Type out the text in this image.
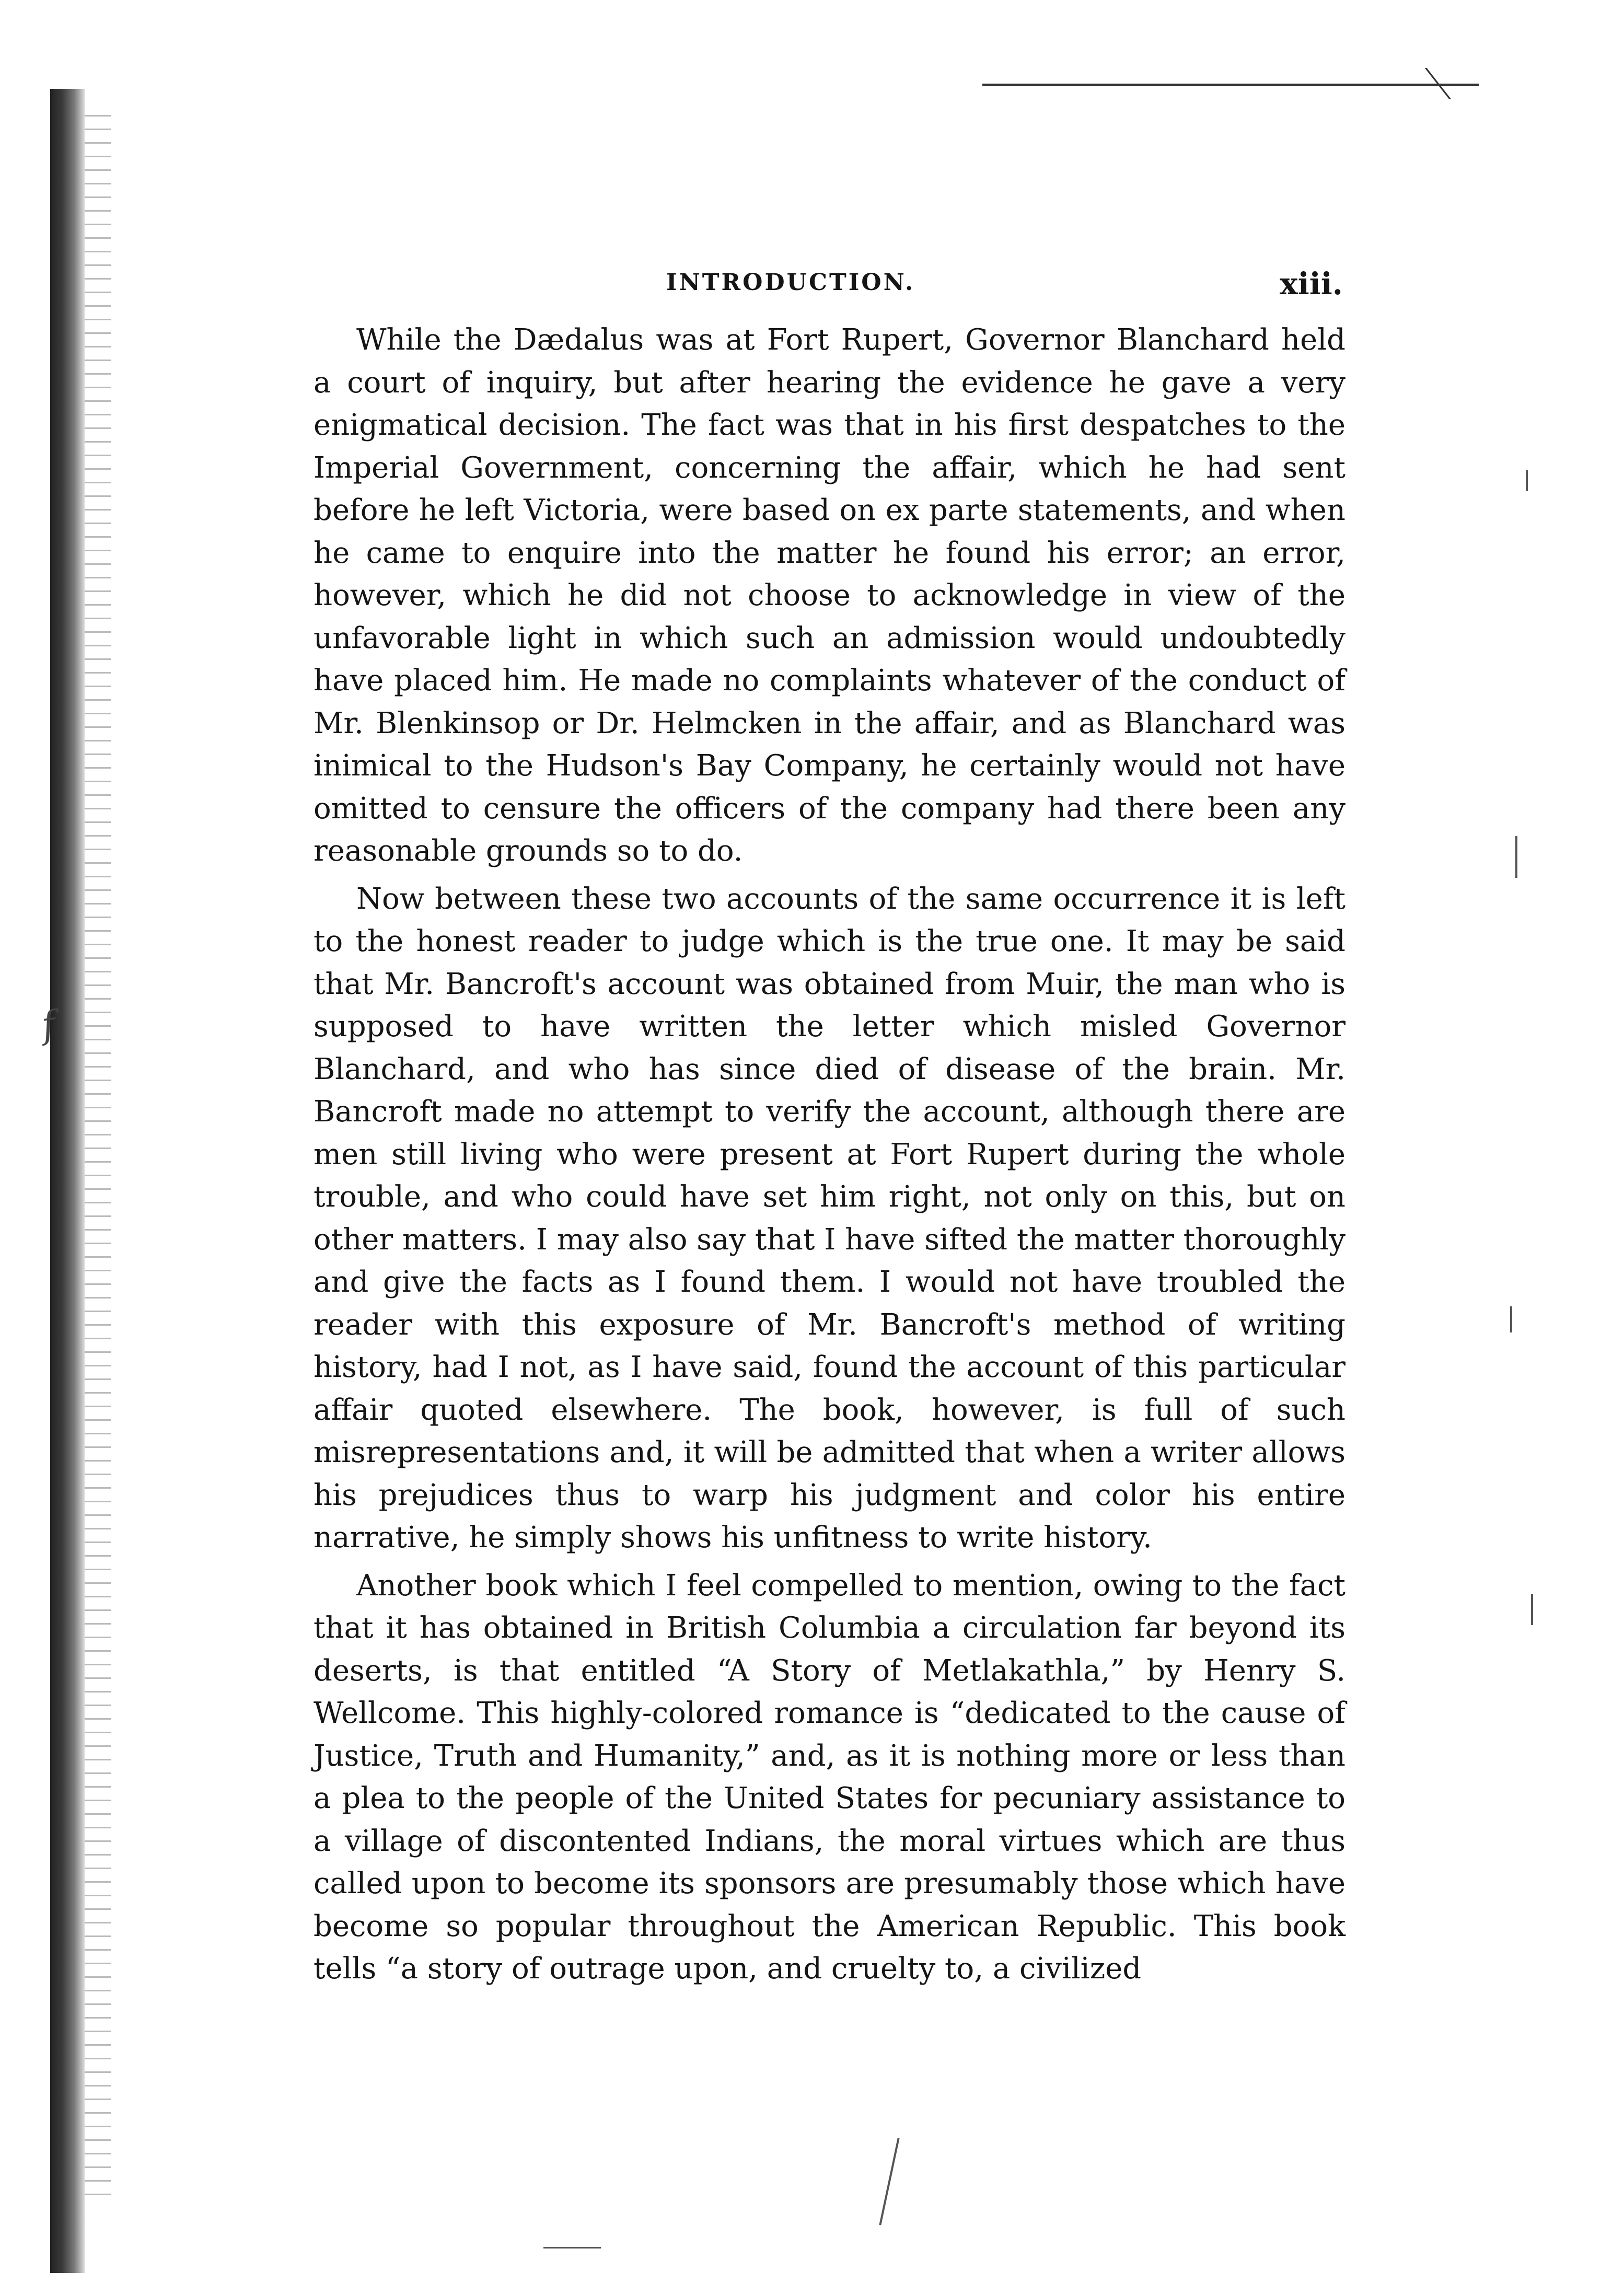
INTRODUCTION.	xiii.

While the Dædalus was at Fort Rupert, Governor Blanchard held a court of inquiry, but after hearing the evidence he gave a very enigmatical decision. The fact was that in his first despatches to the Imperial Government, concerning the affair, which he had sent before he left Victoria, were based on ex parte statements, and when he came to enquire into the matter he found his error; an error, however, which he did not choose to acknowledge in view of the unfavorable light in which such an admission would undoubtedly have placed him. He made no complaints whatever of the conduct of Mr. Blenkinsop or Dr. Helmcken in the affair, and as Blanchard was inimical to the Hudson's Bay Company, he certainly would not have omitted to censure the officers of the company had there been any reasonable grounds so to do.

Now between these two accounts of the same occurrence it is left to the honest reader to judge which is the true one. It may be said that Mr. Bancroft's account was obtained from Muir, the man who is supposed to have written the letter which misled Governor Blanchard, and who has since died of disease of the brain. Mr. Bancroft made no attempt to verify the account, although there are men still living who were present at Fort Rupert during the whole trouble, and who could have set him right, not only on this, but on other matters. I may also say that I have sifted the matter thoroughly and give the facts as I found them. I would not have troubled the reader with this exposure of Mr. Bancroft's method of writing history, had I not, as I have said, found the account of this particular affair quoted elsewhere. The book, however, is full of such misrepresentations and, it will be admitted that when a writer allows his prejudices thus to warp his judgment and color his entire narrative, he simply shows his unfitness to write history.

Another book which I feel compelled to mention, owing to the fact that it has obtained in British Columbia a circulation far beyond its deserts, is that entitled “A Story of Metlakathla,” by Henry S. Wellcome. This highly-colored romance is “dedicated to the cause of Justice, Truth and Humanity,” and, as it is nothing more or less than a plea to the people of the United States for pecuniary assistance to a village of discontented Indians, the moral virtues which are thus called upon to become its sponsors are presumably those which have become so popular throughout the American Republic. This book tells “a story of outrage upon, and cruelty to, a civilized

f
